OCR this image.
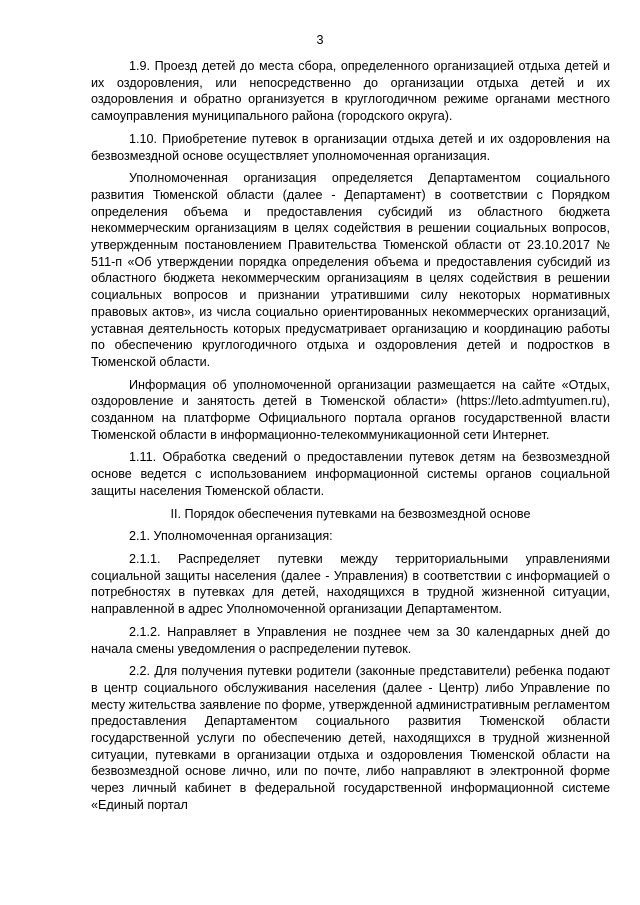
3

1.9. Проезд детей до места сбора, определенного организацией отдыха детей и их оздоровления, или непосредственно до организации отдыха детей и их оздоровления и обратно организуется в круглогодичном режиме органами местного самоуправления муниципального района (городского округа).

1.10. Приобретение путевок в организации отдыха детей и их оздоровления на безвозмездной основе осуществляет уполномоченная организация.

Уполномоченная организация определяется Департаментом социального развития Тюменской области (далее - Департамент) в соответствии с Порядком определения объема и предоставления субсидий из областного бюджета некоммерческим организациям в целях содействия в решении социальных вопросов, утвержденным постановлением Правительства Тюменской области от 23.10.2017 № 511-п «Об утверждении порядка определения объема и предоставления субсидий из областного бюджета некоммерческим организациям в целях содействия в решении социальных вопросов и признании утратившими силу некоторых нормативных правовых актов», из числа социально ориентированных некоммерческих организаций, уставная деятельность которых предусматривает организацию и координацию работы по обеспечению круглогодичного отдыха и оздоровления детей и подростков в Тюменской области.

Информация об уполномоченной организации размещается на сайте «Отдых, оздоровление и занятость детей в Тюменской области» (https://leto.admtyumen.ru), созданном на платформе Официального портала органов государственной власти Тюменской области в информационно-телекоммуникационной сети Интернет.

1.11. Обработка сведений о предоставлении путевок детям на безвозмездной основе ведется с использованием информационной системы органов социальной защиты населения Тюменской области.

II. Порядок обеспечения путевками на безвозмездной основе

2.1. Уполномоченная организация:

2.1.1. Распределяет путевки между территориальными управлениями социальной защиты населения (далее - Управления) в соответствии с информацией о потребностях в путевках для детей, находящихся в трудной жизненной ситуации, направленной в адрес Уполномоченной организации Департаментом.

2.1.2. Направляет в Управления не позднее чем за 30 календарных дней до начала смены уведомления о распределении путевок.

2.2. Для получения путевки родители (законные представители) ребенка подают в центр социального обслуживания населения (далее - Центр) либо Управление по месту жительства заявление по форме, утвержденной административным регламентом предоставления Департаментом социального развития Тюменской области государственной услуги по обеспечению детей, находящихся в трудной жизненной ситуации, путевками в организации отдыха и оздоровления Тюменской области на безвозмездной основе лично, или по почте, либо направляют в электронной форме через личный кабинет в федеральной государственной информационной системе «Единый портал
